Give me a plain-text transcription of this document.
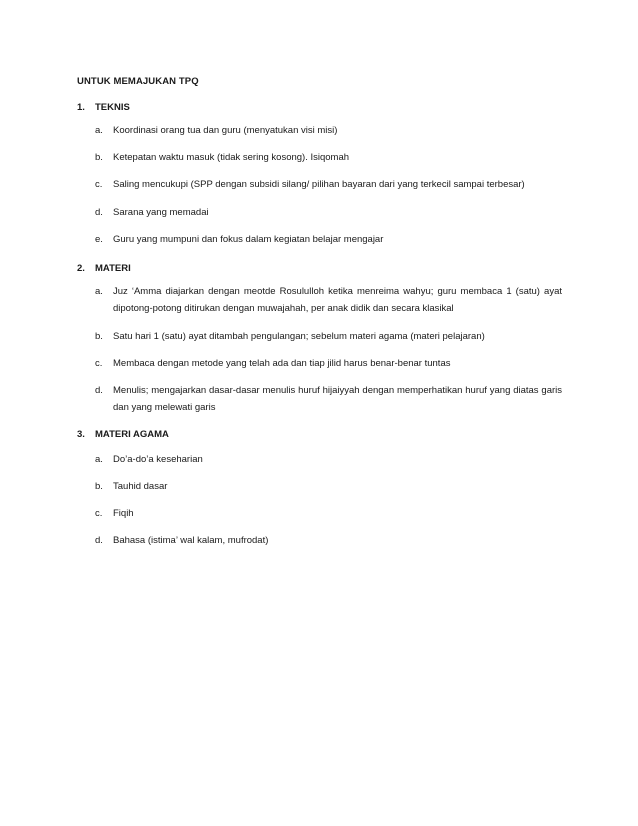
UNTUK MEMAJUKAN TPQ
1. TEKNIS
a.	Koordinasi orang tua dan guru (menyatukan visi misi)
b.	Ketepatan waktu masuk (tidak sering kosong). Isiqomah
c.	Saling mencukupi (SPP dengan subsidi silang/ pilihan bayaran dari yang terkecil sampai terbesar)
d.	Sarana yang memadai
e.	Guru yang mumpuni dan fokus dalam kegiatan belajar mengajar
2. MATERI
a.	Juz ‘Amma diajarkan dengan meotde Rosululloh ketika menreima wahyu; guru membaca 1 (satu) ayat dipotong-potong ditirukan dengan muwajahah, per anak didik dan secara klasikal
b.	Satu hari 1 (satu) ayat ditambah pengulangan; sebelum materi agama (materi pelajaran)
c.	Membaca dengan metode yang telah ada dan tiap jilid harus benar-benar tuntas
d.	Menulis; mengajarkan dasar-dasar menulis huruf hijaiyyah dengan memperhatikan huruf yang diatas garis dan yang melewati garis
3. MATERI AGAMA
a.	Do’a-do’a keseharian
b.	Tauhid dasar
c.	Fiqih
d.	Bahasa (istima’ wal kalam, mufrodat)
